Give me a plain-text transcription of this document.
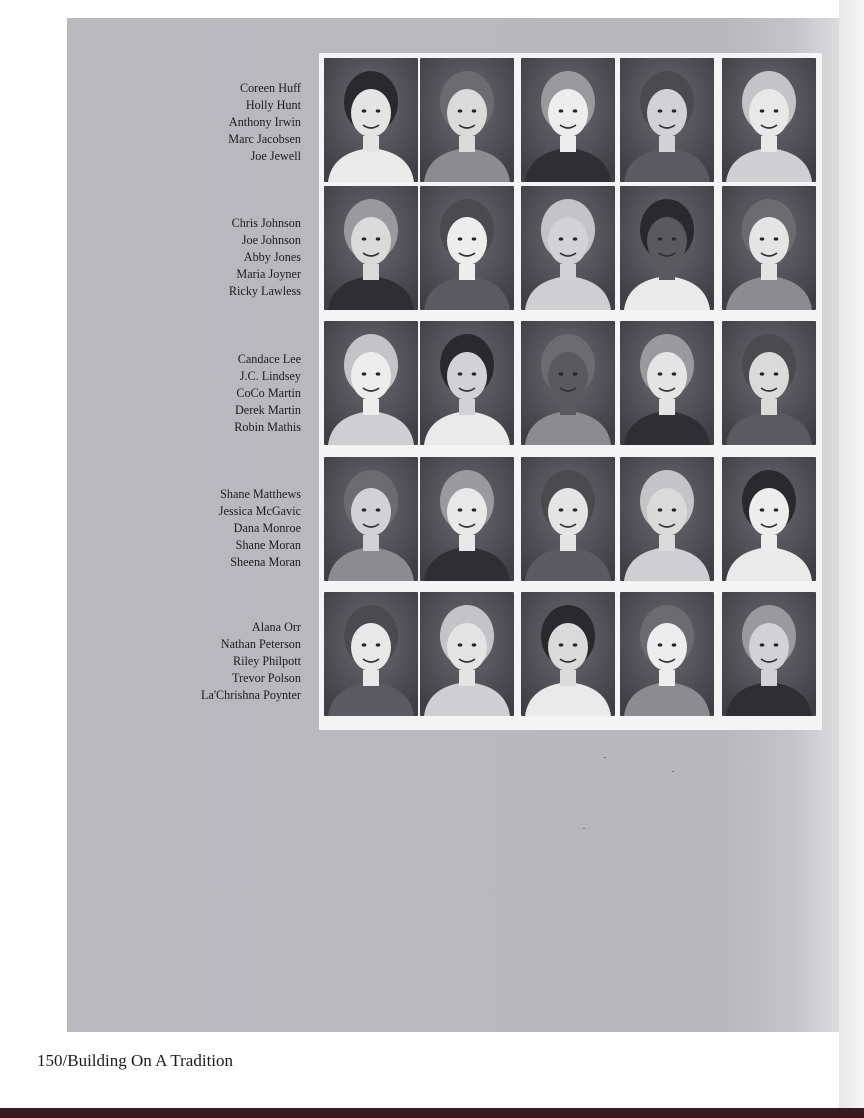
Coreen Huff
Holly Hunt
Anthony Irwin
Marc Jacobsen
Joe Jewell
Chris Johnson
Joe Johnson
Abby Jones
Maria Joyner
Ricky Lawless
Candace Lee
J.C. Lindsey
CoCo Martin
Derek Martin
Robin Mathis
Shane Matthews
Jessica McGavic
Dana Monroe
Shane Moran
Sheena Moran
Alana Orr
Nathan Peterson
Riley Philpott
Trevor Polson
La'Chrishna Poynter
150/Building On A Tradition
